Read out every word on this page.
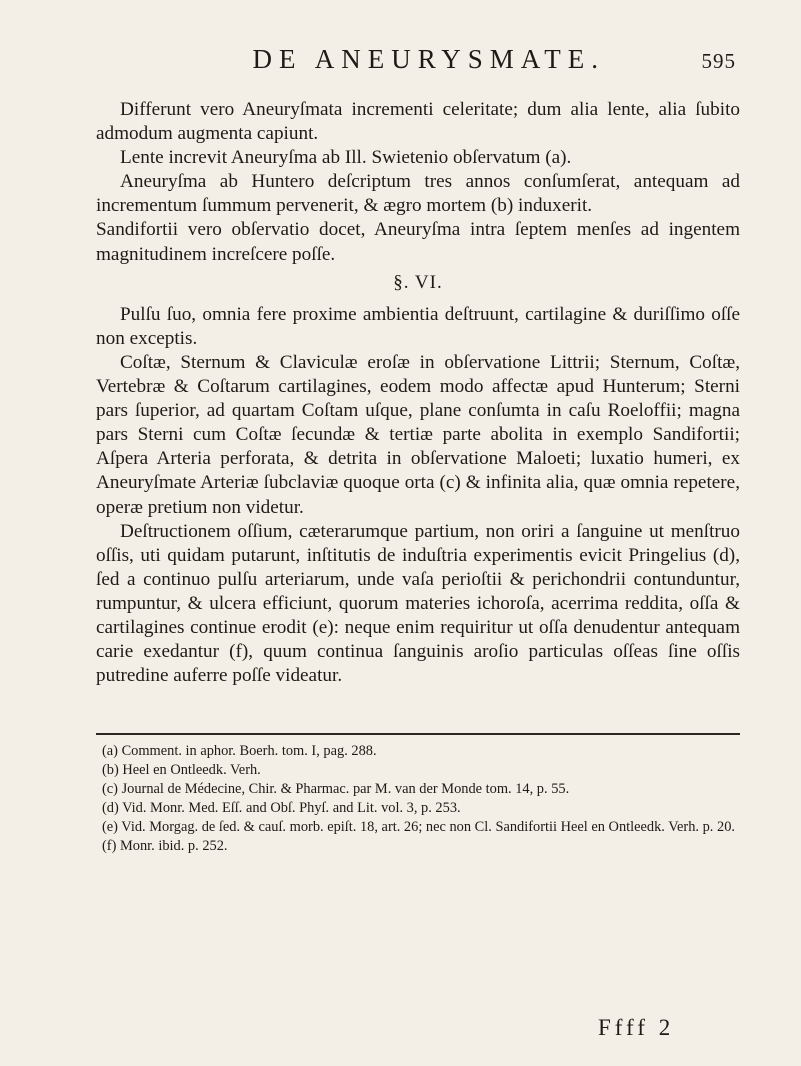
DE ANEURYSMATE.	595

Differunt vero Aneuryſmata incrementi celeritate; dum alia lente, alia ſubito admodum augmenta capiunt.

Lente increvit Aneuryſma ab Ill. Swietenio obſervatum (a).

Aneuryſma ab Huntero deſcriptum tres annos conſumſerat, antequam ad incrementum ſummum pervenerit, & ægro mortem (b) induxerit.

Sandifortii vero obſervatio docet, Aneuryſma intra ſeptem menſes ad ingentem magnitudinem increſcere poſſe.

§. VI.

Pulſu ſuo, omnia fere proxime ambientia deſtruunt, cartilagine & duriſſimo oſſe non exceptis.

Coſtæ, Sternum & Claviculæ eroſæ in obſervatione Littrii; Sternum, Coſtæ, Vertebræ & Coſtarum cartilagines, eodem modo affectæ apud Hunterum; Sterni pars ſuperior, ad quartam Coſtam uſque, plane conſumta in caſu Roeloffii; magna pars Sterni cum Coſtæ ſecundæ & tertiæ parte abolita in exemplo Sandifortii; Aſpera Arteria perforata, & detrita in obſervatione Maloeti; luxatio humeri, ex Aneuryſmate Arteriæ ſubclaviæ quoque orta (c) & infinita alia, quæ omnia repetere, operæ pretium non videtur.

Deſtructionem oſſium, cæterarumque partium, non oriri a ſanguine ut menſtruo oſſis, uti quidam putarunt, inſtitutis de induſtria experimentis evicit Pringelius (d), ſed a continuo pulſu arteriarum, unde vaſa perioſtii & perichondrii contunduntur, rumpuntur, & ulcera efficiunt, quorum materies ichoroſa, acerrima reddita, oſſa & cartilagines continue erodit (e): neque enim requiritur ut oſſa denudentur antequam carie exedantur (f), quum continua ſanguinis aroſio particulas oſſeas ſine oſſis putredine auferre poſſe videatur.

(a) Comment. in aphor. Boerh. tom. I, pag. 288.

(b) Heel en Ontleedk. Verh.

(c) Journal de Médecine, Chir. & Pharmac. par M. van der Monde tom. 14, p. 55.

(d) Vid. Monr. Med. Eſſ. and Obſ. Phyſ. and Lit. vol. 3, p. 253.

(e) Vid. Morgag. de ſed. & cauſ. morb. epiſt. 18, art. 26; nec non Cl. Sandifortii Heel en Ontleedk. Verh. p. 20.

(f) Monr. ibid. p. 252.

Ffff 2
